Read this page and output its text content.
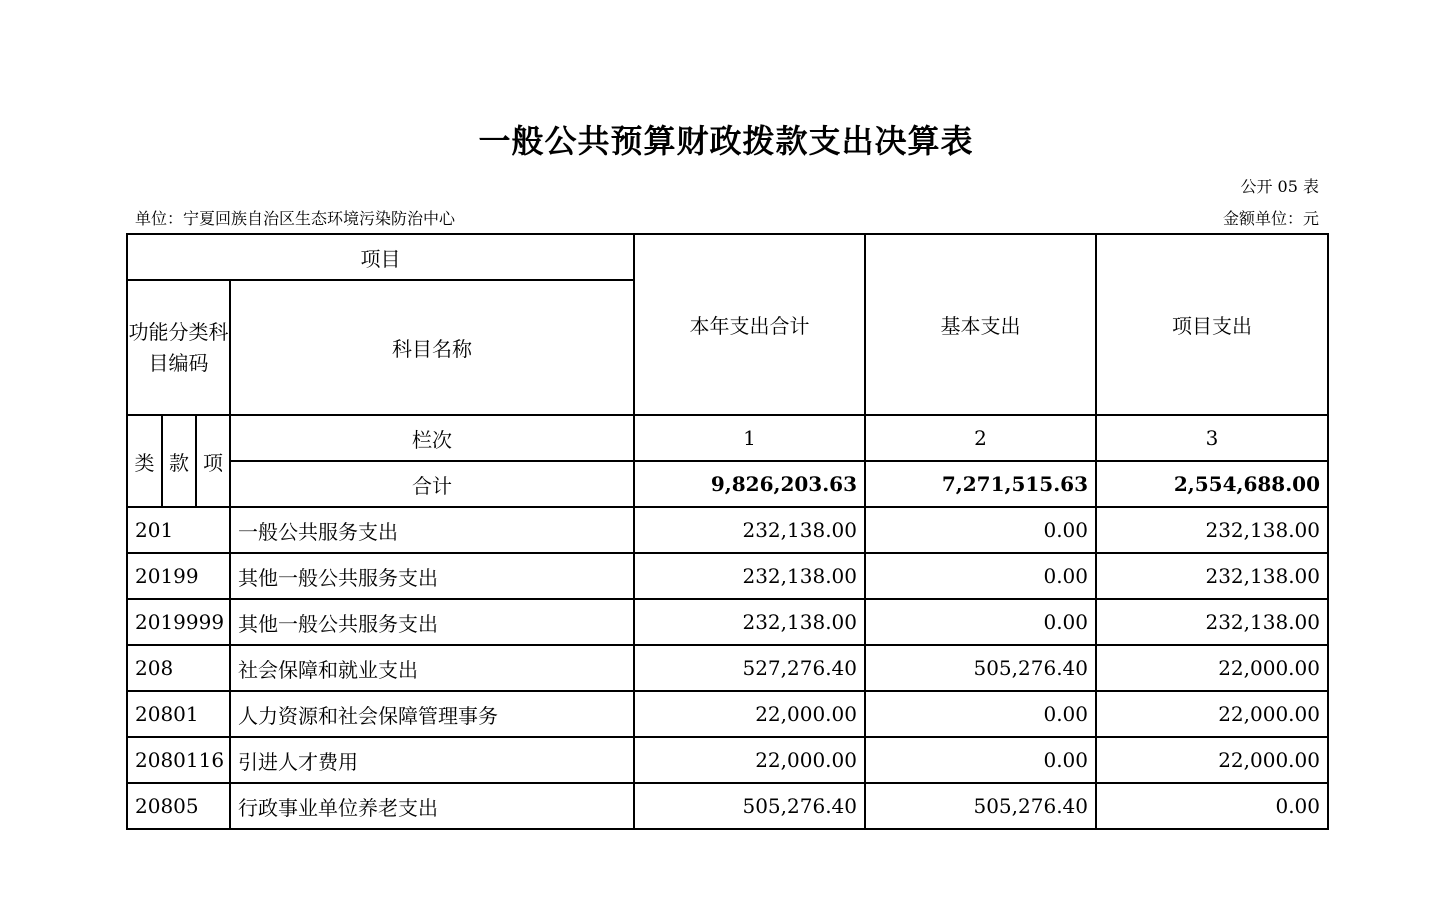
一般公共预算财政拨款支出决算表
公开 05 表
单位：宁夏回族自治区生态环境污染防治中心	金额单位：元
项目				本年支出合计	基本支出	项目支出
功能分类科目编码			科目名称			
类	款	项	栏次	1	2	3
			合计	9,826,203.63	7,271,515.63	2,554,688.00
201			一般公共服务支出	232,138.00	0.00	232,138.00
20199			其他一般公共服务支出	232,138.00	0.00	232,138.00
2019999			其他一般公共服务支出	232,138.00	0.00	232,138.00
208			社会保障和就业支出	527,276.40	505,276.40	22,000.00
20801			人力资源和社会保障管理事务	22,000.00	0.00	22,000.00
2080116			引进人才费用	22,000.00	0.00	22,000.00
20805			行政事业单位养老支出	505,276.40	505,276.40	0.00
